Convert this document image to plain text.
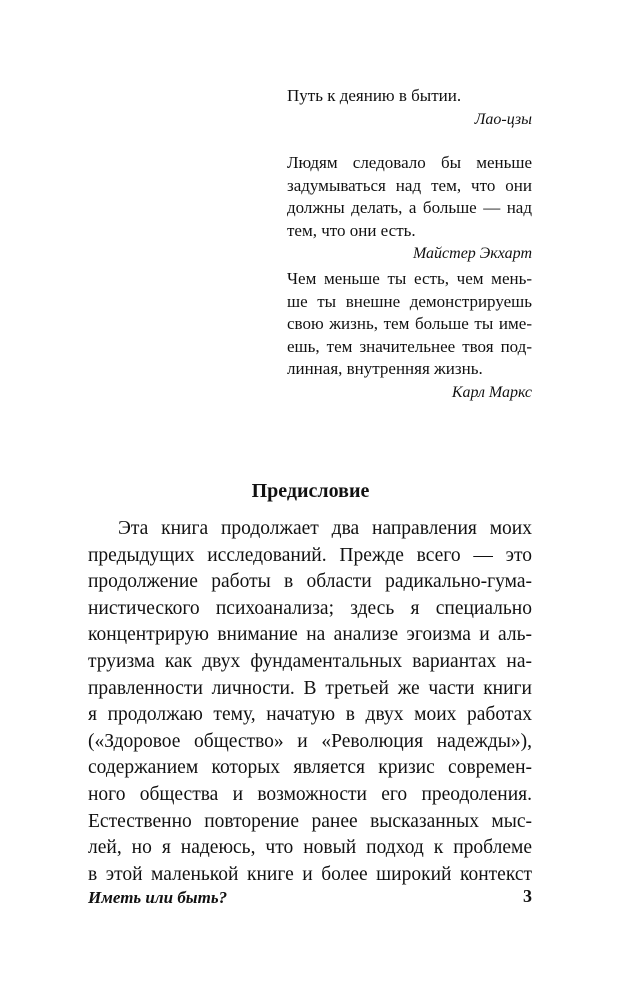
Путь к деянию в бытии.
Лао-цзы
Людям следовало бы меньше
задумываться над тем, что они
должны делать, а больше — над
тем, что они есть.
Майстер Экхарт
Чем меньше ты есть, чем мень-
ше ты внешне демонстрируешь
свою жизнь, тем больше ты име-
ешь, тем значительнее твоя под-
линная, внутренняя жизнь.
Карл Маркс
Предисловие
Эта книга продолжает два направления моих
предыдущих исследований. Прежде всего — это
продолжение работы в области радикально-гума-
нистического психоанализа; здесь я специально
концентрирую внимание на анализе эгоизма и аль-
труизма как двух фундаментальных вариантах на-
правленности личности. В третьей же части книги
я продолжаю тему, начатую в двух моих работах
(«Здоровое общество» и «Революция надежды»),
содержанием которых является кризис современ-
ного общества и возможности его преодоления.
Естественно повторение ранее высказанных мыс-
лей, но я надеюсь, что новый подход к проблеме
в этой маленькой книге и более широкий контекст
Иметь или быть?	3
